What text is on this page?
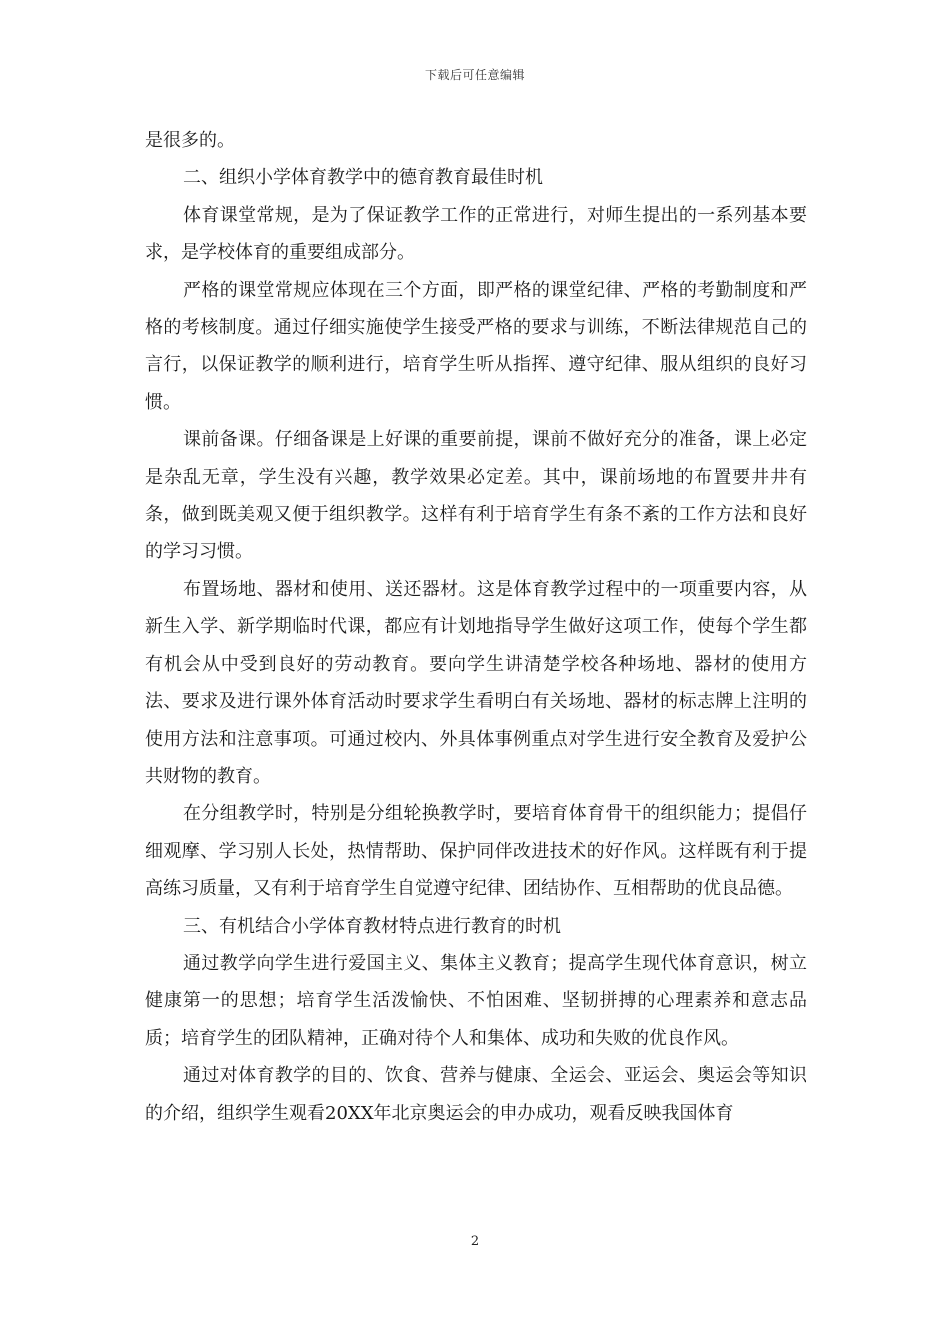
下载后可任意编辑

是很多的。

二、组织小学体育教学中的德育教育最佳时机

体育课堂常规，是为了保证教学工作的正常进行，对师生提出的一系列基本要求，是学校体育的重要组成部分。

严格的课堂常规应体现在三个方面，即严格的课堂纪律、严格的考勤制度和严格的考核制度。通过仔细实施使学生接受严格的要求与训练，不断法律规范自己的言行，以保证教学的顺利进行，培育学生听从指挥、遵守纪律、服从组织的良好习惯。

课前备课。仔细备课是上好课的重要前提，课前不做好充分的准备，课上必定是杂乱无章，学生没有兴趣，教学效果必定差。其中，课前场地的布置要井井有条，做到既美观又便于组织教学。这样有利于培育学生有条不紊的工作方法和良好的学习习惯。

布置场地、器材和使用、送还器材。这是体育教学过程中的一项重要内容，从新生入学、新学期临时代课，都应有计划地指导学生做好这项工作，使每个学生都有机会从中受到良好的劳动教育。要向学生讲清楚学校各种场地、器材的使用方法、要求及进行课外体育活动时要求学生看明白有关场地、器材的标志牌上注明的使用方法和注意事项。可通过校内、外具体事例重点对学生进行安全教育及爱护公共财物的教育。

在分组教学时，特别是分组轮换教学时，要培育体育骨干的组织能力；提倡仔细观摩、学习别人长处，热情帮助、保护同伴改进技术的好作风。这样既有利于提高练习质量，又有利于培育学生自觉遵守纪律、团结协作、互相帮助的优良品德。

三、有机结合小学体育教材特点进行教育的时机

通过教学向学生进行爱国主义、集体主义教育；提高学生现代体育意识，树立健康第一的思想；培育学生活泼愉快、不怕困难、坚韧拼搏的心理素养和意志品质；培育学生的团队精神，正确对待个人和集体、成功和失败的优良作风。

通过对体育教学的目的、饮食、营养与健康、全运会、亚运会、奥运会等知识的介绍，组织学生观看20XX年北京奥运会的申办成功，观看反映我国体育

2
